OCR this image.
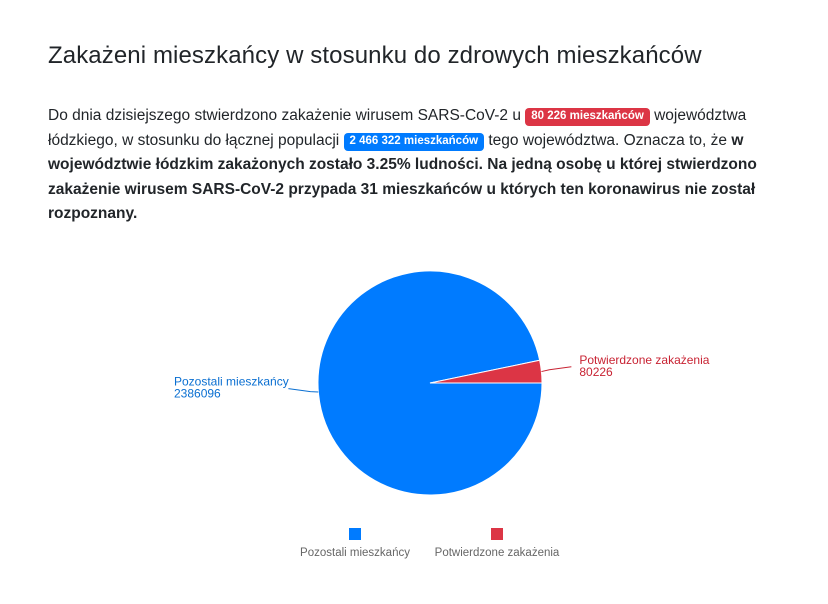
Zakażeni mieszkańcy w stosunku do zdrowych mieszkańców

Do dnia dzisiejszego stwierdzono zakażenie wirusem SARS-CoV-2 u 80 226 mieszkańców województwa łódzkiego, w stosunku do łącznej populacji 2 466 322 mieszkańców tego województwa. Oznacza to, że w województwie łódzkim zakażonych zostało 3.25% ludności. Na jedną osobę u której stwierdzono zakażenie wirusem SARS-CoV-2 przypada 31 mieszkańców u których ten koronawirus nie został rozpoznany.

Pozostali mieszkańcy
2386096
Potwierdzone zakażenia
80226
Pozostali mieszkańcy Potwierdzone zakażenia
